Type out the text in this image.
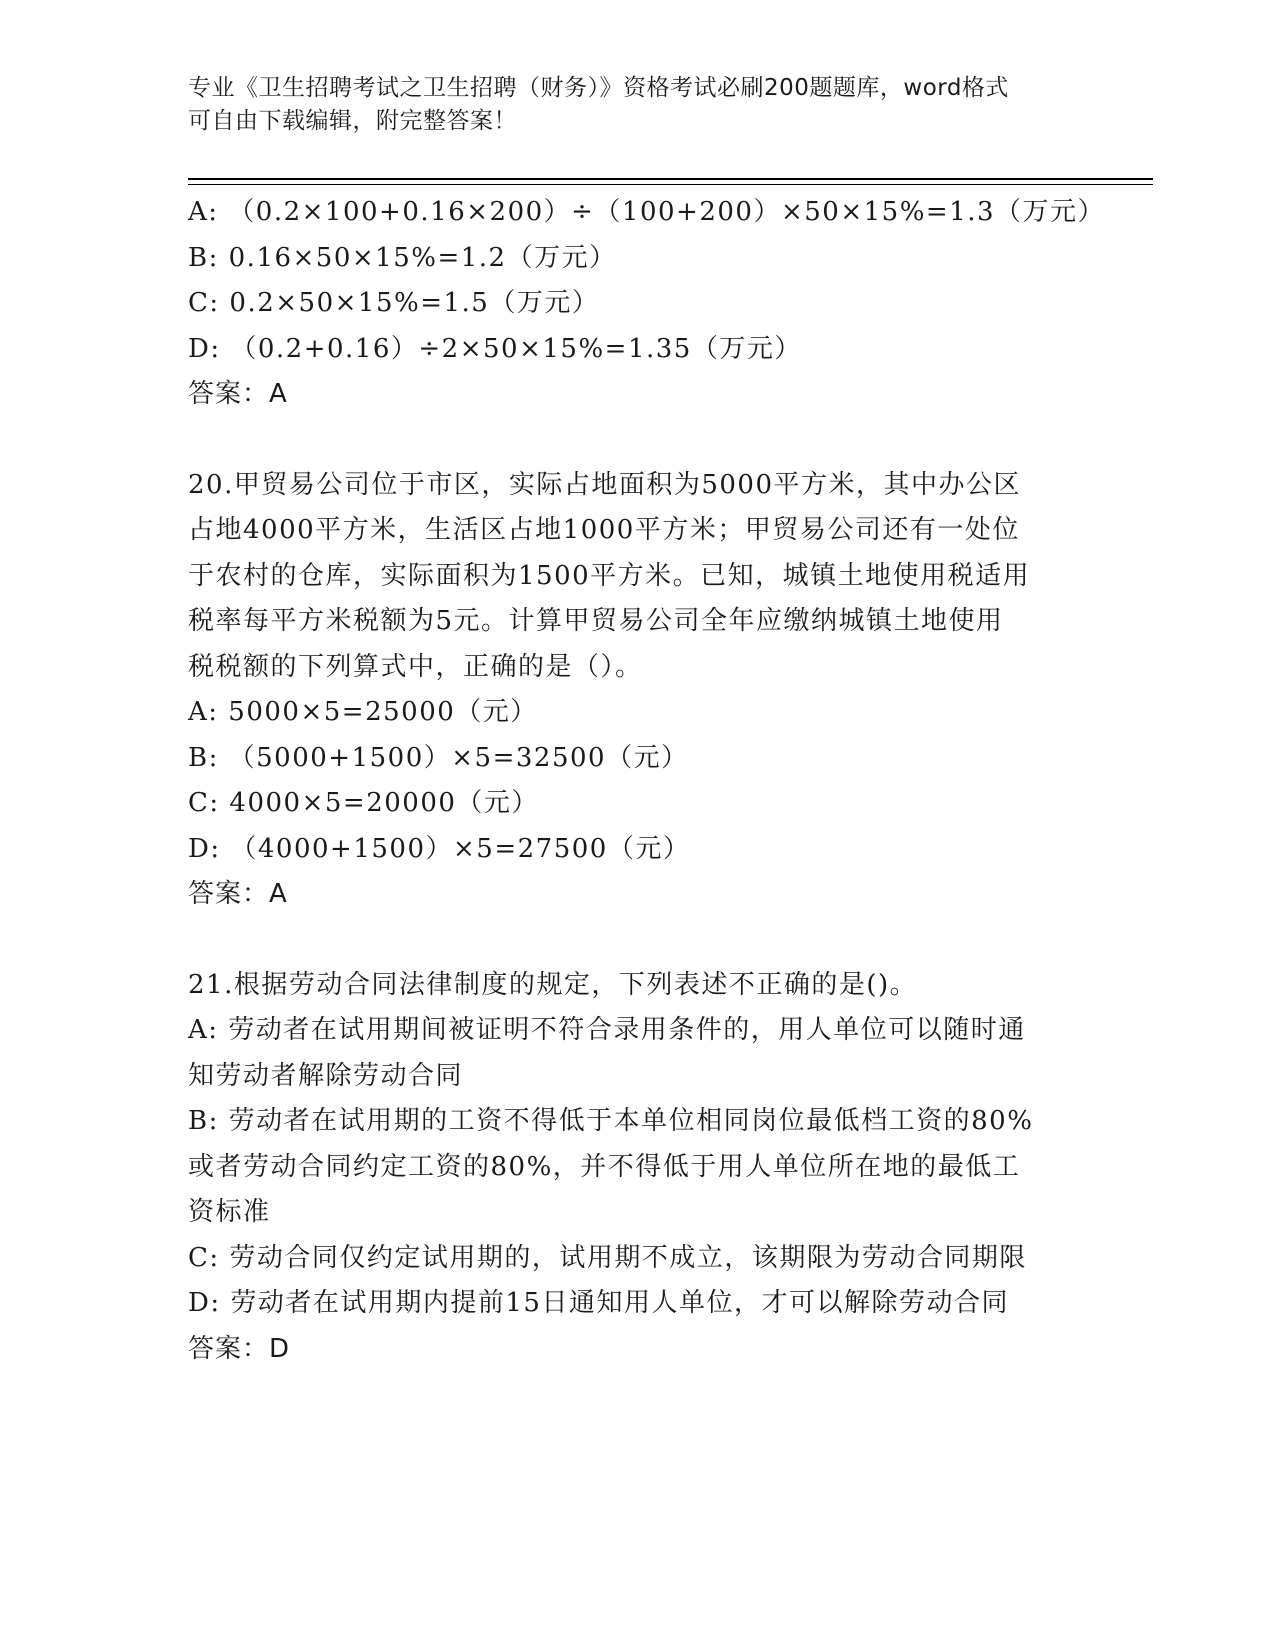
专业《卫生招聘考试之卫生招聘（财务）》资格考试必刷200题题库，word格式
可自由下载编辑，附完整答案！
A: （0.2×100+0.16×200）÷（100+200）×50×15%=1.3（万元）
B: 0.16×50×15%=1.2（万元）
C: 0.2×50×15%=1.5（万元）
D: （0.2+0.16）÷2×50×15%=1.35（万元）
答案：A
20.甲贸易公司位于市区，实际占地面积为5000平方米，其中办公区
占地4000平方米，生活区占地1000平方米；甲贸易公司还有一处位
于农村的仓库，实际面积为1500平方米。已知，城镇土地使用税适用
税率每平方米税额为5元。计算甲贸易公司全年应缴纳城镇土地使用
税税额的下列算式中，正确的是（）。
A: 5000×5=25000（元）
B: （5000+1500）×5=32500（元）
C: 4000×5=20000（元）
D: （4000+1500）×5=27500（元）
答案：A
21.根据劳动合同法律制度的规定，下列表述不正确的是()。
A: 劳动者在试用期间被证明不符合录用条件的，用人单位可以随时通
知劳动者解除劳动合同
B: 劳动者在试用期的工资不得低于本单位相同岗位最低档工资的80%
或者劳动合同约定工资的80%，并不得低于用人单位所在地的最低工
资标准
C: 劳动合同仅约定试用期的，试用期不成立，该期限为劳动合同期限
D: 劳动者在试用期内提前15日通知用人单位，才可以解除劳动合同
答案：D
